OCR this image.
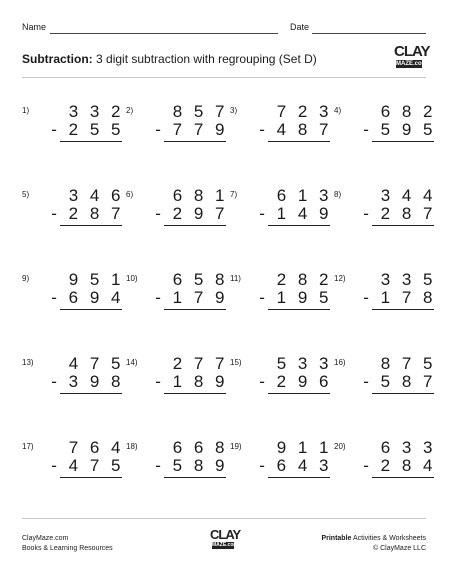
Name	Date
Subtraction: 3 digit subtraction with regrouping (Set D)	CLAY
MAZE.com
1) 3 3 2
- 2 5 5
2) 8 5 7
- 7 7 9
3) 7 2 3
- 4 8 7
4) 6 8 2
- 5 9 5
5) 3 4 6
- 2 8 7
6) 6 8 1
- 2 9 7
7) 6 1 3
- 1 4 9
8) 3 4 4
- 2 8 7
9) 9 5 1
- 6 9 4
10) 6 5 8
- 1 7 9
11) 2 8 2
- 1 9 5
12) 3 3 5
- 1 7 8
13) 4 7 5
- 3 9 8
14) 2 7 7
- 1 8 9
15) 5 3 3
- 2 9 6
16) 8 7 5
- 5 8 7
17) 7 6 4
- 4 7 5
18) 6 6 8
- 5 8 9
19) 9 1 1
- 6 4 3
20) 6 3 3
- 2 8 4
ClayMaze.com
Books & Learning Resources
CLAY
MAZE.com
Printable Activities & Worksheets
© ClayMaze LLC
